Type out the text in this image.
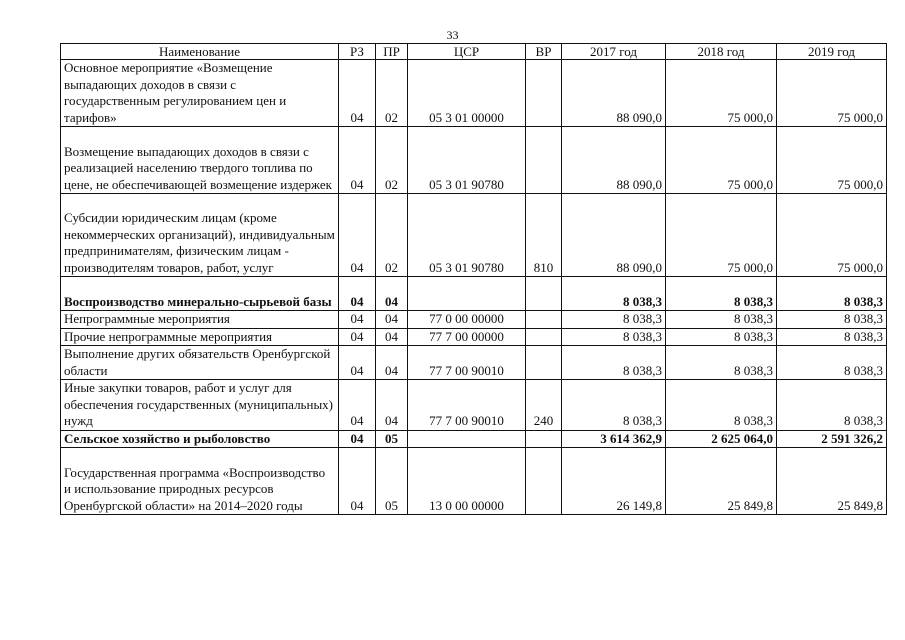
33
Наименование	РЗ	ПР	ЦСР	ВР	2017 год	2018 год	2019 год
Основное мероприятие «Возмещение выпадающих доходов в связи с государственным регулированием цен и тарифов»	04	02	05 3 01 00000		88 090,0	75 000,0	75 000,0
Возмещение выпадающих доходов в связи с реализацией населению твердого топлива по цене, не обеспечивающей возмещение издержек	04	02	05 3 01 90780		88 090,0	75 000,0	75 000,0
Субсидии юридическим лицам (кроме некоммерческих организаций), индивидуальным предпринимателям, физическим лицам - производителям товаров, работ, услуг	04	02	05 3 01 90780	810	88 090,0	75 000,0	75 000,0
Воспроизводство минерально-сырьевой базы	04	04			8 038,3	8 038,3	8 038,3
Непрограммные мероприятия	04	04	77 0 00 00000		8 038,3	8 038,3	8 038,3
Прочие непрограммные мероприятия	04	04	77 7 00 00000		8 038,3	8 038,3	8 038,3
Выполнение других обязательств Оренбургской области	04	04	77 7 00 90010		8 038,3	8 038,3	8 038,3
Иные закупки товаров, работ и услуг для обеспечения государственных (муниципальных) нужд	04	04	77 7 00 90010	240	8 038,3	8 038,3	8 038,3
Сельское хозяйство и рыболовство	04	05			3 614 362,9	2 625 064,0	2 591 326,2
Государственная программа «Воспроизводство и использование природных ресурсов Оренбургской области» на 2014–2020 годы	04	05	13 0 00 00000		26 149,8	25 849,8	25 849,8
